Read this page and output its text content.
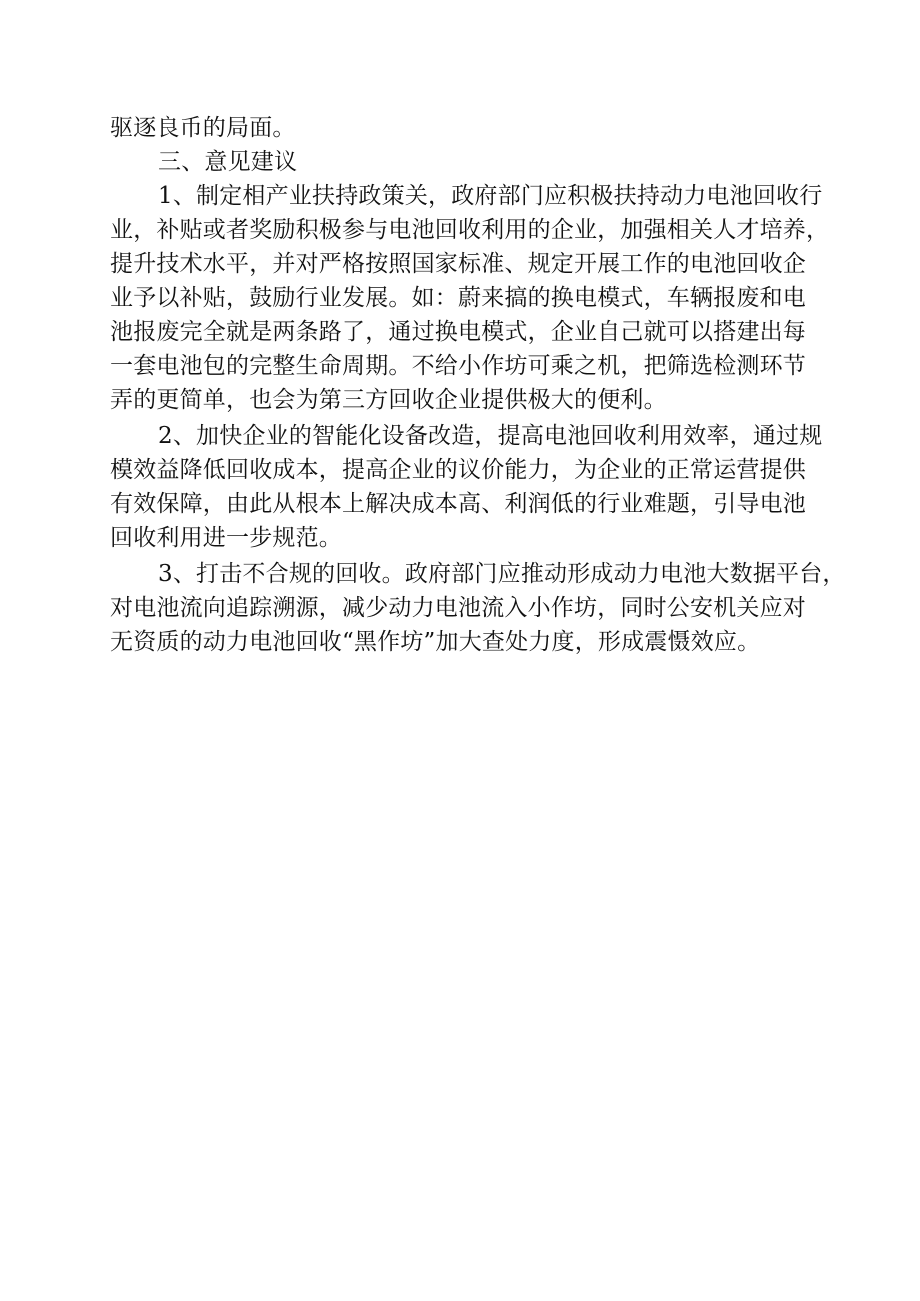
驱逐良币的局面。
三、意见建议
1、制定相产业扶持政策关，政府部门应积极扶持动力电池回收行
业，补贴或者奖励积极参与电池回收利用的企业，加强相关人才培养，
提升技术水平，并对严格按照国家标准、规定开展工作的电池回收企
业予以补贴，鼓励行业发展。如：蔚来搞的换电模式，车辆报废和电
池报废完全就是两条路了，通过换电模式，企业自己就可以搭建出每
一套电池包的完整生命周期。不给小作坊可乘之机，把筛选检测环节
弄的更简单，也会为第三方回收企业提供极大的便利。
2、加快企业的智能化设备改造，提高电池回收利用效率，通过规
模效益降低回收成本，提高企业的议价能力，为企业的正常运营提供
有效保障，由此从根本上解决成本高、利润低的行业难题，引导电池
回收利用进一步规范。
3、打击不合规的回收。政府部门应推动形成动力电池大数据平台，
对电池流向追踪溯源，减少动力电池流入小作坊，同时公安机关应对
无资质的动力电池回收“黑作坊”加大查处力度，形成震慑效应。
